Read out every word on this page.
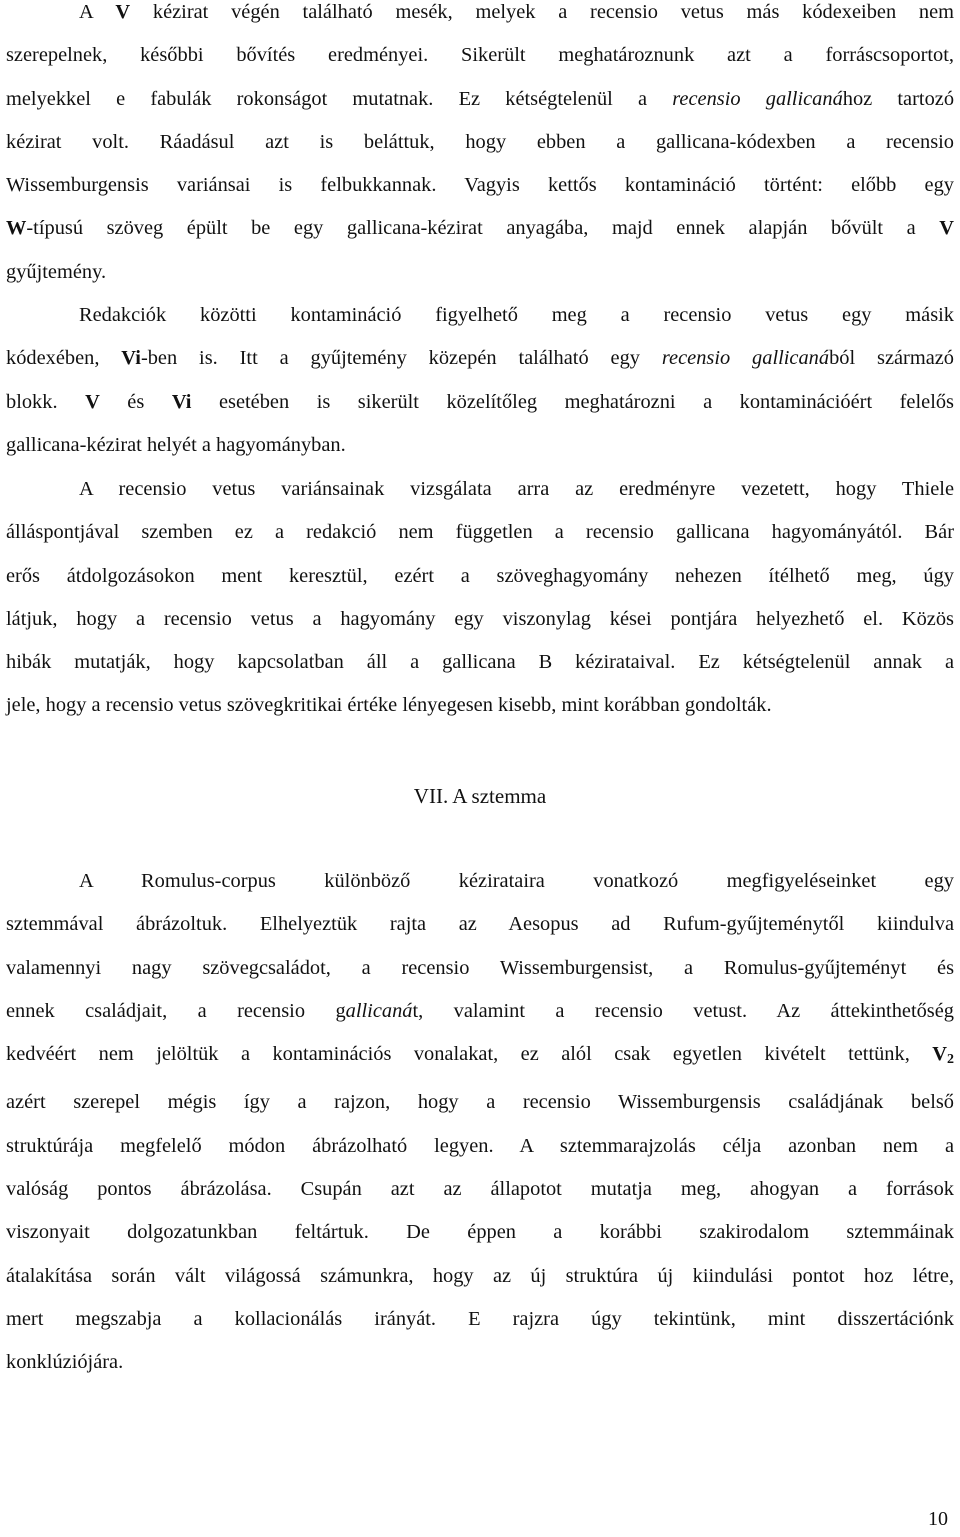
A V kézirat végén található mesék, melyek a recensio vetus más kódexeiben nem
szerepelnek, későbbi bővítés eredményei. Sikerült meghatároznunk azt a forráscsoportot,
melyekkel e fabulák rokonságot mutatnak. Ez kétségtelenül a recensio gallicanához tartozó
kézirat volt. Ráadásul azt is beláttuk, hogy ebben a gallicana-kódexben a recensio
Wissemburgensis variánsai is felbukkannak. Vagyis kettős kontamináció történt: előbb egy
W-típusú szöveg épült be egy gallicana-kézirat anyagába, majd ennek alapján bővült a V
gyűjtemény.
Redakciók közötti kontamináció figyelhető meg a recensio vetus egy másik
kódexében, Vi-ben is. Itt a gyűjtemény közepén található egy recensio gallicanából származó
blokk. V és Vi esetében is sikerült közelítőleg meghatározni a kontaminációért felelős
gallicana-kézirat helyét a hagyományban.
A recensio vetus variánsainak vizsgálata arra az eredményre vezetett, hogy Thiele
álláspontjával szemben ez a redakció nem független a recensio gallicana hagyományától. Bár
erős átdolgozásokon ment keresztül, ezért a szöveghagyomány nehezen ítélhető meg, úgy
látjuk, hogy a recensio vetus a hagyomány egy viszonylag kései pontjára helyezhető el. Közös
hibák mutatják, hogy kapcsolatban áll a gallicana B kézirataival. Ez kétségtelenül annak a
jele, hogy a recensio vetus szövegkritikai értéke lényegesen kisebb, mint korábban gondolták.
VII. A sztemma
A Romulus-corpus különböző kézirataira vonatkozó megfigyeléseinket egy
sztemmával ábrázoltuk. Elhelyeztük rajta az Aesopus ad Rufum-gyűjteménytől kiindulva
valamennyi nagy szövegcsaládot, a recensio Wissemburgensist, a Romulus-gyűjteményt és
ennek családjait, a recensio gallicanát, valamint a recensio vetust. Az áttekinthetőség
kedvéért nem jelöltük a kontaminációs vonalakat, ez alól csak egyetlen kivételt tettünk, $V_2$
azért szerepel mégis így a rajzon, hogy a recensio Wissemburgensis családjának belső
struktúrája megfelelő módon ábrázolható legyen. A sztemmarajzolás célja azonban nem a
valóság pontos ábrázolása. Csupán azt az állapotot mutatja meg, ahogyan a források
viszonyait dolgozatunkban feltártuk. De éppen a korábbi szakirodalom sztemmáinak
átalakítása során vált világossá számunkra, hogy az új struktúra új kiindulási pontot hoz létre,
mert megszabja a kollacionálás irányát. E rajzra úgy tekintünk, mint disszertációnk
konklúziójára.
10
